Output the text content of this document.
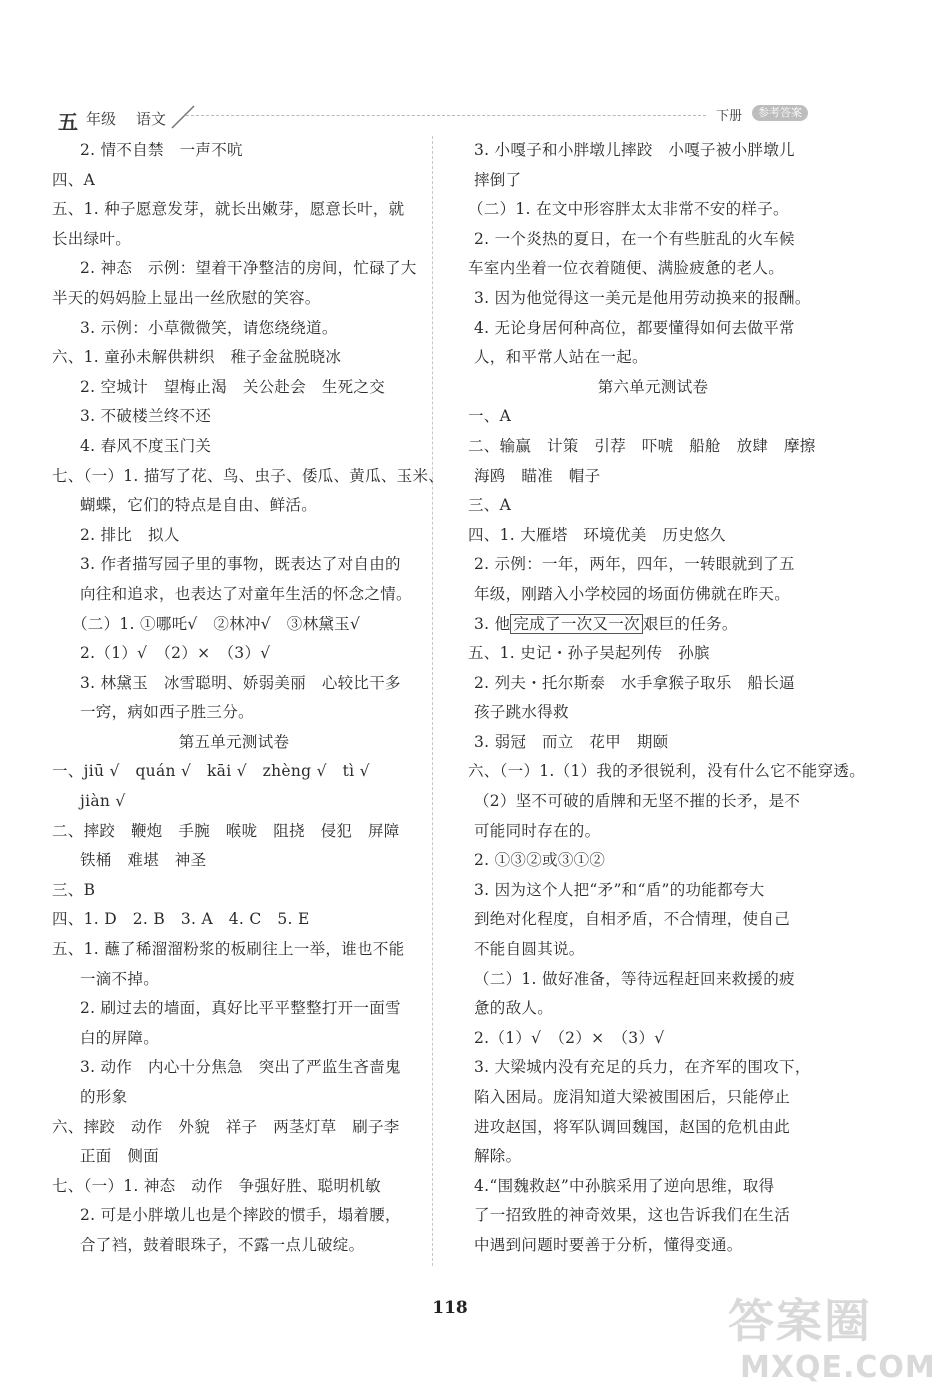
五 年级 语文	下册	参考答案
2. 情不自禁　一声不吭
四、A
五、1. 种子愿意发芽，就长出嫩芽，愿意长叶，就
长出绿叶。
2. 神态　示例：望着干净整洁的房间，忙碌了大
半天的妈妈脸上显出一丝欣慰的笑容。
3. 示例：小草微微笑，请您绕绕道。
六、1. 童孙未解供耕织　稚子金盆脱晓冰
2. 空城计　望梅止渴　关公赴会　生死之交
3. 不破楼兰终不还
4. 春风不度玉门关
七、（一）1. 描写了花、鸟、虫子、倭瓜、黄瓜、玉米、
蝴蝶，它们的特点是自由、鲜活。
2. 排比　拟人
3. 作者描写园子里的事物，既表达了对自由的
向往和追求，也表达了对童年生活的怀念之情。
（二）1. ①哪吒√　②林冲√　③林黛玉√
2.（1）√　（2）×　（3）√
3. 林黛玉　冰雪聪明、娇弱美丽　心较比干多
一窍，病如西子胜三分。
第五单元测试卷
一、jiū √　quán √　kāi √　zhèng √　tì √
jiàn √
二、摔跤　鞭炮　手腕　喉咙　阻挠　侵犯　屏障
铁桶　难堪　神圣
三、B
四、1. D　2. B　3. A　4. C　5. E
五、1. 蘸了稀溜溜粉浆的板刷往上一举，谁也不能
一滴不掉。
2. 刷过去的墙面，真好比平平整整打开一面雪
白的屏障。
3. 动作　内心十分焦急　突出了严监生吝啬鬼
的形象
六、摔跤　动作　外貌　祥子　两茎灯草　刷子李
正面　侧面
七、（一）1. 神态　动作　争强好胜、聪明机敏
2. 可是小胖墩儿也是个摔跤的惯手，塌着腰，
合了裆，鼓着眼珠子，不露一点儿破绽。
3. 小嘎子和小胖墩儿摔跤　小嘎子被小胖墩儿
摔倒了
（二）1. 在文中形容胖太太非常不安的样子。
2. 一个炎热的夏日，在一个有些脏乱的火车候
车室内坐着一位衣着随便、满脸疲惫的老人。
3. 因为他觉得这一美元是他用劳动换来的报酬。
4. 无论身居何种高位，都要懂得如何去做平常
人，和平常人站在一起。
第六单元测试卷
一、A
二、输赢　计策　引荐　吓唬　船舱　放肆　摩擦
海鸥　瞄准　帽子
三、A
四、1. 大雁塔　环境优美　历史悠久
2. 示例：一年，两年，四年，一转眼就到了五
年级，刚踏入小学校园的场面仿佛就在昨天。
3. 他 完成了一次又一次 艰巨的任务。
五、1. 史记・孙子吴起列传　孙膑
2. 列夫・托尔斯泰　水手拿猴子取乐　船长逼
孩子跳水得救
3. 弱冠　而立　花甲　期颐
六、（一）1.（1）我的矛很锐利，没有什么它不能穿透。
（2）坚不可破的盾牌和无坚不摧的长矛，是不
可能同时存在的。
2. ①③②或③①②
3. 因为这个人把“矛”和“盾”的功能都夸大
到绝对化程度，自相矛盾，不合情理，使自己
不能自圆其说。
（二）1. 做好准备，等待远程赶回来救援的疲
惫的敌人。
2.（1）√　（2）×　（3）√
3. 大梁城内没有充足的兵力，在齐军的围攻下，
陷入困局。庞涓知道大梁被围困后，只能停止
进攻赵国，将军队调回魏国，赵国的危机由此
解除。
4.“围魏救赵”中孙膑采用了逆向思维，取得
了一招致胜的神奇效果，这也告诉我们在生活
中遇到问题时要善于分析，懂得变通。
118	答案圈
MXQE.COM
